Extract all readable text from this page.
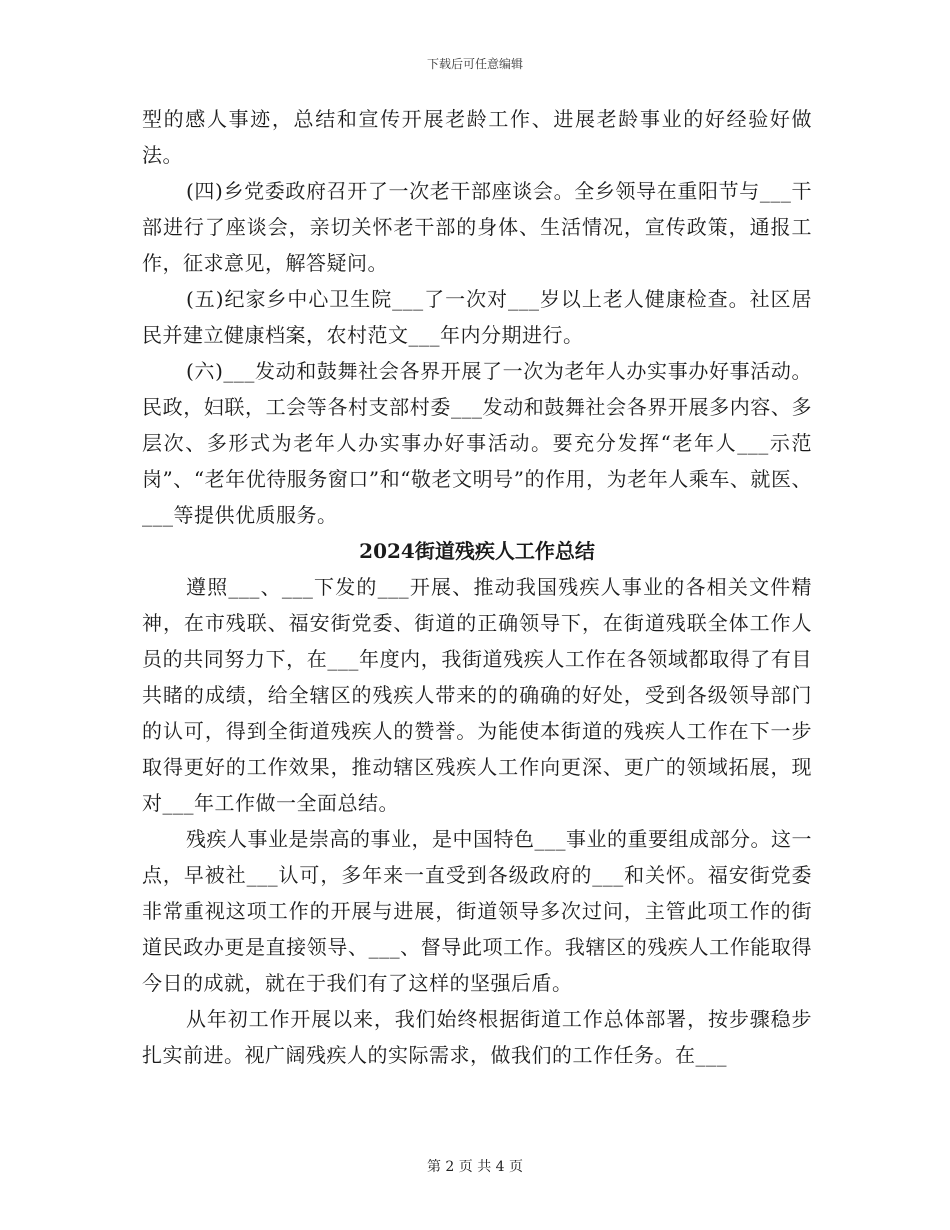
下载后可任意编辑

型的感人事迹，总结和宣传开展老龄工作、进展老龄事业的好经验好做法。

(四)乡党委政府召开了一次老干部座谈会。全乡领导在重阳节与___干部进行了座谈会，亲切关怀老干部的身体、生活情况，宣传政策，通报工作，征求意见，解答疑问。

(五)纪家乡中心卫生院___了一次对___岁以上老人健康检查。社区居民并建立健康档案，农村范文___年内分期进行。

(六)___发动和鼓舞社会各界开展了一次为老年人办实事办好事活动。民政，妇联，工会等各村支部村委___发动和鼓舞社会各界开展多内容、多层次、多形式为老年人办实事办好事活动。要充分发挥“老年人___示范岗”、“老年优待服务窗口”和“敬老文明号”的作用，为老年人乘车、就医、___等提供优质服务。

2024街道残疾人工作总结

遵照___、___下发的___开展、推动我国残疾人事业的各相关文件精神，在市残联、福安街党委、街道的正确领导下，在街道残联全体工作人员的共同努力下，在___年度内，我街道残疾人工作在各领域都取得了有目共睹的成绩，给全辖区的残疾人带来的的确确的好处，受到各级领导部门的认可，得到全街道残疾人的赞誉。为能使本街道的残疾人工作在下一步取得更好的工作效果，推动辖区残疾人工作向更深、更广的领域拓展，现对___年工作做一全面总结。

残疾人事业是崇高的事业，是中国特色___事业的重要组成部分。这一点，早被社___认可，多年来一直受到各级政府的___和关怀。福安街党委非常重视这项工作的开展与进展，街道领导多次过问，主管此项工作的街道民政办更是直接领导、___、督导此项工作。我辖区的残疾人工作能取得今日的成就，就在于我们有了这样的坚强后盾。

从年初工作开展以来，我们始终根据街道工作总体部署，按步骤稳步扎实前进。视广阔残疾人的实际需求，做我们的工作任务。在___

第 2 页 共 4 页
